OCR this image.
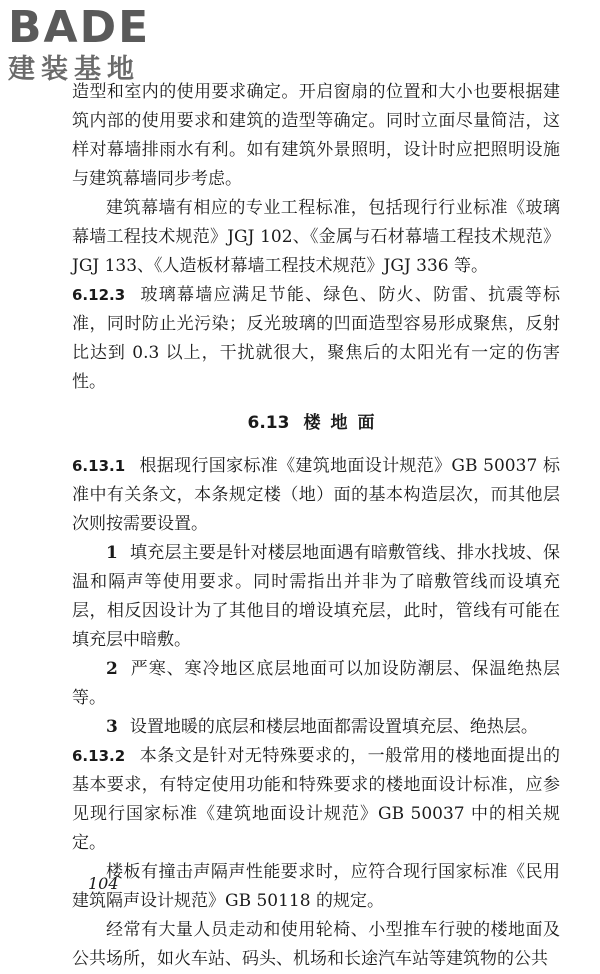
BADE
建装基地

造型和室内的使用要求确定。开启窗扇的位置和大小也要根据建筑内部的使用要求和建筑的造型等确定。同时立面尽量简洁，这样对幕墙排雨水有利。如有建筑外景照明，设计时应把照明设施与建筑幕墙同步考虑。

建筑幕墙有相应的专业工程标准，包括现行行业标准《玻璃幕墙工程技术规范》JGJ 102、《金属与石材幕墙工程技术规范》JGJ 133、《人造板材幕墙工程技术规范》JGJ 336 等。

6.12.3 玻璃幕墙应满足节能、绿色、防火、防雷、抗震等标准，同时防止光污染；反光玻璃的凹面造型容易形成聚焦，反射比达到 0.3 以上，干扰就很大，聚焦后的太阳光有一定的伤害性。

6.13 楼地面

6.13.1 根据现行国家标准《建筑地面设计规范》GB 50037 标准中有关条文，本条规定楼（地）面的基本构造层次，而其他层次则按需要设置。

1 填充层主要是针对楼层地面遇有暗敷管线、排水找坡、保温和隔声等使用要求。同时需指出并非为了暗敷管线而设填充层，相反因设计为了其他目的增设填充层，此时，管线有可能在填充层中暗敷。

2 严寒、寒冷地区底层地面可以加设防潮层、保温绝热层等。

3 设置地暖的底层和楼层地面都需设置填充层、绝热层。

6.13.2 本条文是针对无特殊要求的，一般常用的楼地面提出的基本要求，有特定使用功能和特殊要求的楼地面设计标准，应参见现行国家标准《建筑地面设计规范》GB 50037 中的相关规定。

楼板有撞击声隔声性能要求时，应符合现行国家标准《民用建筑隔声设计规范》GB 50118 的规定。

经常有大量人员走动和使用轮椅、小型推车行驶的楼地面及公共场所，如火车站、码头、机场和长途汽车站等建筑物的公共

104
